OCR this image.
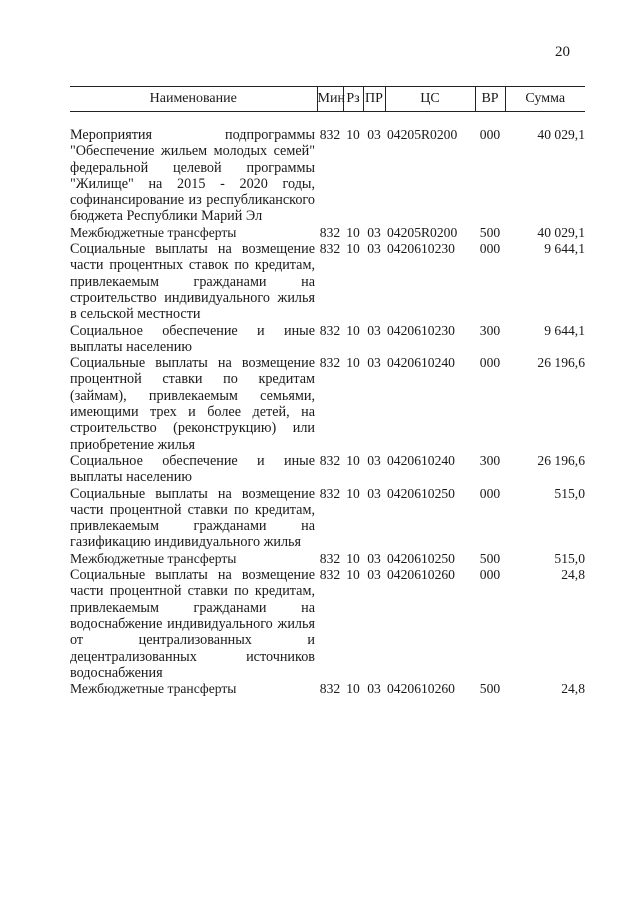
20
Наименование	Мин	Рз	ПР	ЦС	ВР	Сумма

Мероприятия подпрограммы "Обеспечение жильем молодых семей" федеральной целевой программы "Жилище" на 2015 - 2020 годы, софинансирование из республиканского бюджета Республики Марий Эл	832	10	03	04205R0200	000	40 029,1
Межбюджетные трансферты	832	10	03	04205R0200	500	40 029,1
Социальные выплаты на возмещение части процентных ставок по кредитам, привлекаемым гражданами на строительство индивидуального жилья в сельской местности	832	10	03	0420610230	000	9 644,1
Социальное обеспечение и иные выплаты населению	832	10	03	0420610230	300	9 644,1
Социальные выплаты на возмещение процентной ставки по кредитам (займам), привлекаемым семьями, имеющими трех и более детей, на строительство (реконструкцию) или приобретение жилья	832	10	03	0420610240	000	26 196,6
Социальное обеспечение и иные выплаты населению	832	10	03	0420610240	300	26 196,6
Социальные выплаты на возмещение части процентной ставки по кредитам, привлекаемым гражданами на газификацию индивидуального жилья	832	10	03	0420610250	000	515,0
Межбюджетные трансферты	832	10	03	0420610250	500	515,0
Социальные выплаты на возмещение части процентной ставки по кредитам, привлекаемым гражданами на водоснабжение индивидуального жилья от централизованных и децентрализованных источников водоснабжения	832	10	03	0420610260	000	24,8
Межбюджетные трансферты	832	10	03	0420610260	500	24,8
